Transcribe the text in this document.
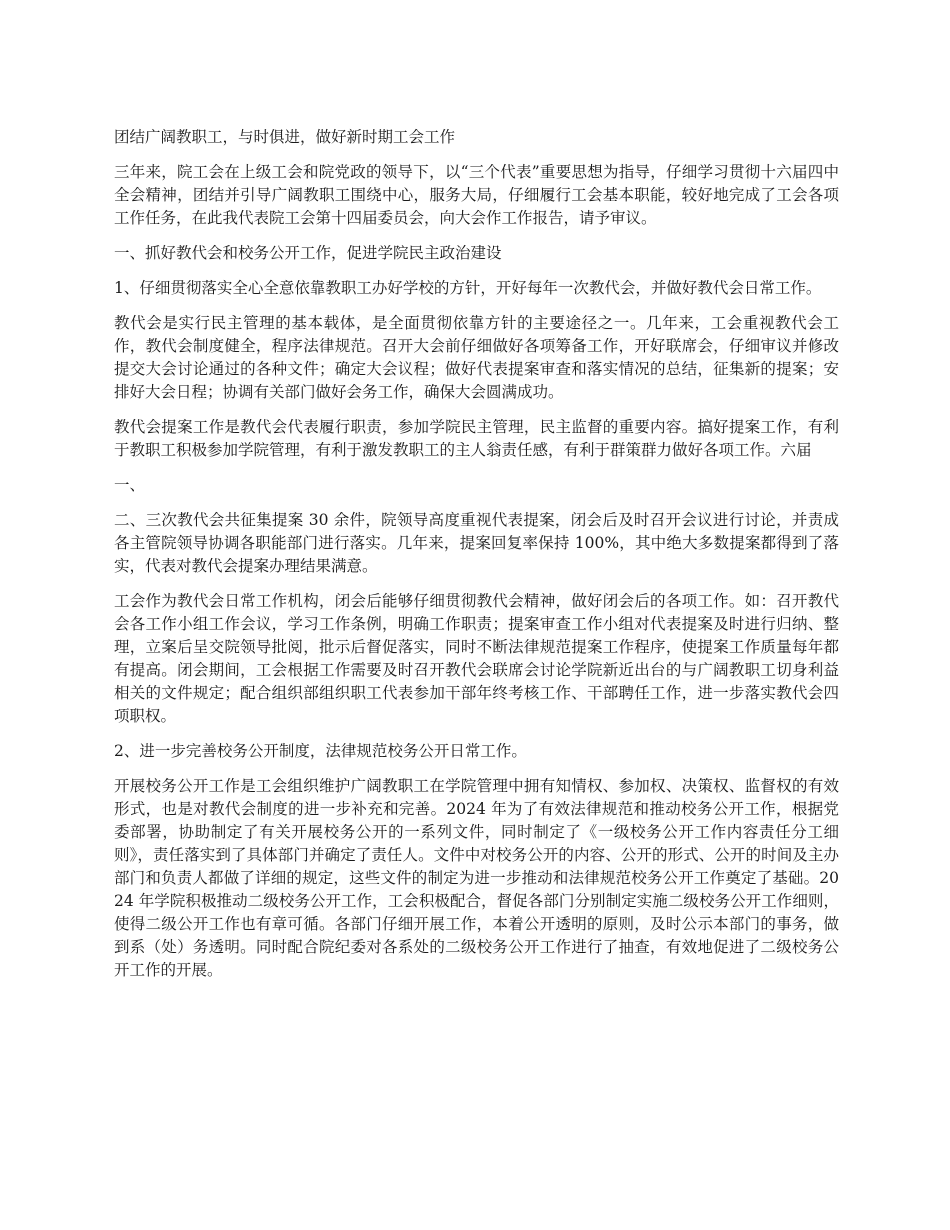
团结广阔教职工，与时俱进，做好新时期工会工作

三年来，院工会在上级工会和院党政的领导下，以“三个代表”重要思想为指导，仔细学习贯彻十六届四中全会精神，团结并引导广阔教职工围绕中心，服务大局，仔细履行工会基本职能，较好地完成了工会各项工作任务，在此我代表院工会第十四届委员会，向大会作工作报告，请予审议。

一、抓好教代会和校务公开工作，促进学院民主政治建设

1、仔细贯彻落实全心全意依靠教职工办好学校的方针，开好每年一次教代会，并做好教代会日常工作。

教代会是实行民主管理的基本载体，是全面贯彻依靠方针的主要途径之一。几年来，工会重视教代会工作，教代会制度健全，程序法律规范。召开大会前仔细做好各项筹备工作，开好联席会，仔细审议并修改提交大会讨论通过的各种文件；确定大会议程；做好代表提案审查和落实情况的总结，征集新的提案；安排好大会日程；协调有关部门做好会务工作，确保大会圆满成功。

教代会提案工作是教代会代表履行职责，参加学院民主管理，民主监督的重要内容。搞好提案工作，有利于教职工积极参加学院管理，有利于激发教职工的主人翁责任感，有利于群策群力做好各项工作。六届

一、

二、三次教代会共征集提案 30 余件，院领导高度重视代表提案，闭会后及时召开会议进行讨论，并责成各主管院领导协调各职能部门进行落实。几年来，提案回复率保持 100%，其中绝大多数提案都得到了落实，代表对教代会提案办理结果满意。

工会作为教代会日常工作机构，闭会后能够仔细贯彻教代会精神，做好闭会后的各项工作。如：召开教代会各工作小组工作会议，学习工作条例，明确工作职责；提案审查工作小组对代表提案及时进行归纳、整理，立案后呈交院领导批阅，批示后督促落实，同时不断法律规范提案工作程序，使提案工作质量每年都有提高。闭会期间，工会根据工作需要及时召开教代会联席会讨论学院新近出台的与广阔教职工切身利益相关的文件规定；配合组织部组织职工代表参加干部年终考核工作、干部聘任工作，进一步落实教代会四项职权。

2、进一步完善校务公开制度，法律规范校务公开日常工作。

开展校务公开工作是工会组织维护广阔教职工在学院管理中拥有知情权、参加权、决策权、监督权的有效形式，也是对教代会制度的进一步补充和完善。2024 年为了有效法律规范和推动校务公开工作，根据党委部署，协助制定了有关开展校务公开的一系列文件，同时制定了《一级校务公开工作内容责任分工细则》，责任落实到了具体部门并确定了责任人。文件中对校务公开的内容、公开的形式、公开的时间及主办部门和负责人都做了详细的规定，这些文件的制定为进一步推动和法律规范校务公开工作奠定了基础。2024 年学院积极推动二级校务公开工作，工会积极配合，督促各部门分别制定实施二级校务公开工作细则，使得二级公开工作也有章可循。各部门仔细开展工作，本着公开透明的原则，及时公示本部门的事务，做到系（处）务透明。同时配合院纪委对各系处的二级校务公开工作进行了抽查，有效地促进了二级校务公开工作的开展。
